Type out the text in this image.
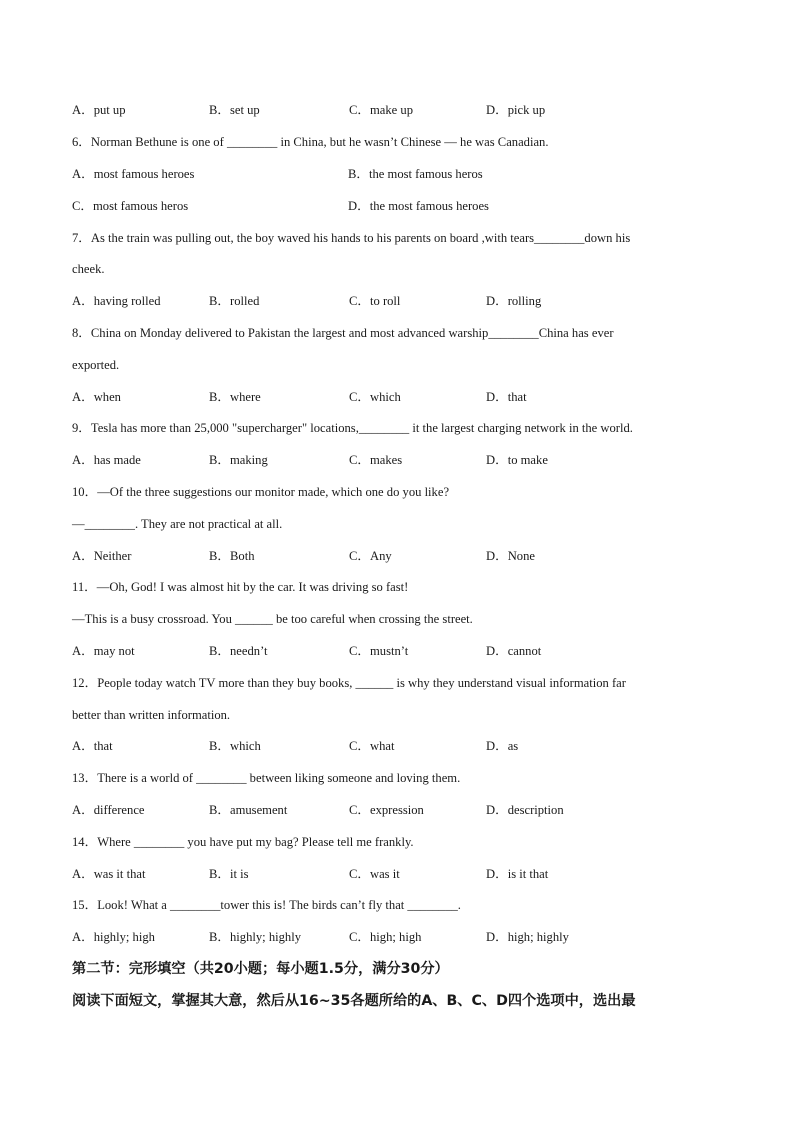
A．put up	B．set up	C．make up	D．pick up
6．Norman Bethune is one of ________ in China, but he wasn’t Chinese — he was Canadian.
A．most famous heroes	B．the most famous heros
C．most famous heros	D．the most famous heroes
7．As the train was pulling out, the boy waved his hands to his parents on board ,with tears________down his
cheek.
A．having rolled	B．rolled	C．to roll	D．rolling
8．China on Monday delivered to Pakistan the largest and most advanced warship________China has ever
exported.
A．when	B．where	C．which	D．that
9．Tesla has more than 25,000 "supercharger" locations,________ it the largest charging network in the world.
A．has made	B．making	C．makes	D．to make
10．—Of the three suggestions our monitor made, which one do you like?
—________. They are not practical at all.
A．Neither	B．Both	C．Any	D．None
11．—Oh, God! I was almost hit by the car. It was driving so fast!
—This is a busy crossroad. You ______ be too careful when crossing the street.
A．may not	B．needn’t	C．mustn’t	D．cannot
12．People today watch TV more than they buy books, ______ is why they understand visual information far
better than written information.
A．that	B．which	C．what	D．as
13．There is a world of ________ between liking someone and loving them.
A．difference	B．amusement	C．expression	D．description
14．Where ________ you have put my bag? Please tell me frankly.
A．was it that	B．it is	C．was it	D．is it that
15．Look! What a ________tower this is! The birds can’t fly that ________.
A．highly; high	B．highly; highly	C．high; high	D．high; highly
第二节：完形填空（共20小题；每小题1.5分，满分30分）
阅读下面短文，掌握其大意，然后从16~35各题所给的A、B、C、D四个选项中，选出最
